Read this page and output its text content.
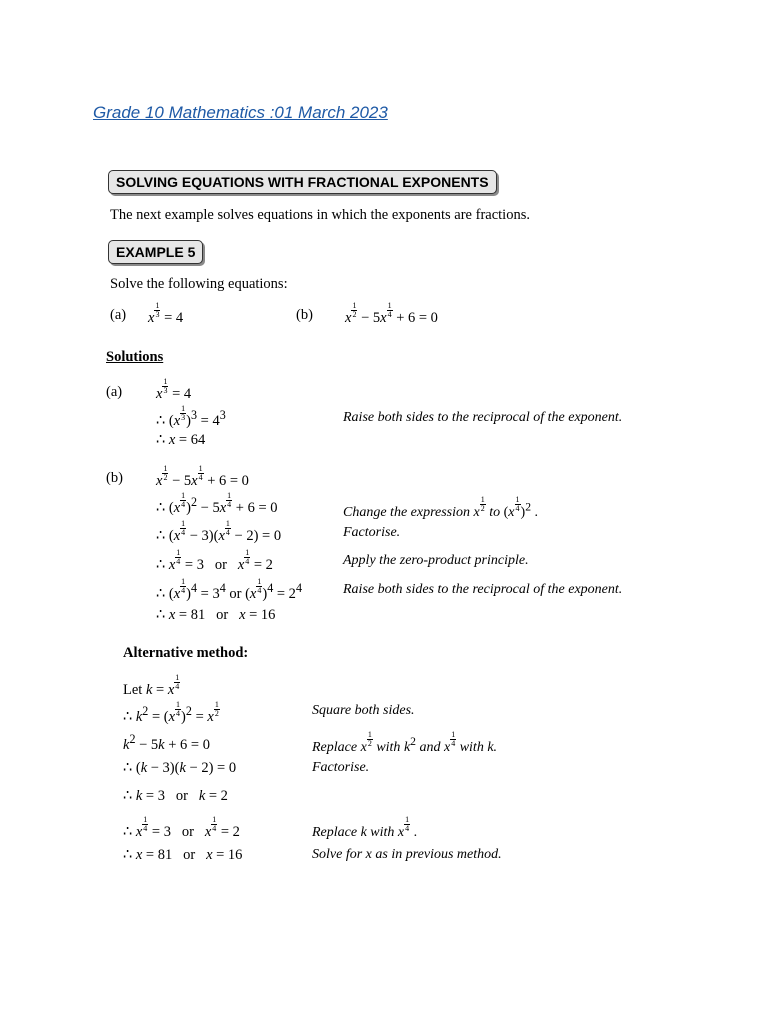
Grade 10 Mathematics :01 March 2023
SOLVING EQUATIONS WITH FRACTIONAL EXPONENTS
The next example solves equations in which the exponents are fractions.
EXAMPLE 5
Solve the following equations:
(a) x $\frac{1}{3} = 4$	(b) x $\frac{1}{2} - 5x \frac{1}{4} + 6 = 0$
Solutions
(a) x $\frac{1}{3} = 4$
∴ $(x \frac{1}{3} )^3 = 4^3$	Raise both sides to the reciprocal of the exponent.
∴ x = 64
(b) x $\frac{1}{2} - 5x \frac{1}{4} + 6 = 0$
∴ $(x \frac{1}{4} )^2 - 5x \frac{1}{4} + 6 = 0$	Change the expression x $\frac{1}{2}$ to $(x \frac{1}{4} )^2$ .
∴ $(x \frac{1}{4} - 3)(x \frac{1}{4} - 2) = 0$	Factorise.
∴ x $\frac{1}{4} = 3$   or   x $\frac{1}{4} = 2$	Apply the zero-product principle.
∴ $(x \frac{1}{4} )^4 = 3^4$ or $(x \frac{1}{4} )^4 = 2^4$	Raise both sides to the reciprocal of the exponent.
∴ x = 81   or   x = 16
Alternative method:
Let k = x $\frac{1}{4}$
∴ $k^2 = (x \frac{1}{4} )^2 = x \frac{1}{2}$	Square both sides.
$k^2 - 5k + 6 = 0$	Replace x $\frac{1}{2}$ with $k^2$ and x $\frac{1}{4}$ with k.
∴ (k − 3)(k − 2) = 0	Factorise.
∴ k = 3   or   k = 2
∴ x $\frac{1}{4} = 3$   or   x $\frac{1}{4} = 2$	Replace k with x $\frac{1}{4}$ .
∴ x = 81   or   x = 16	Solve for x as in previous method.
